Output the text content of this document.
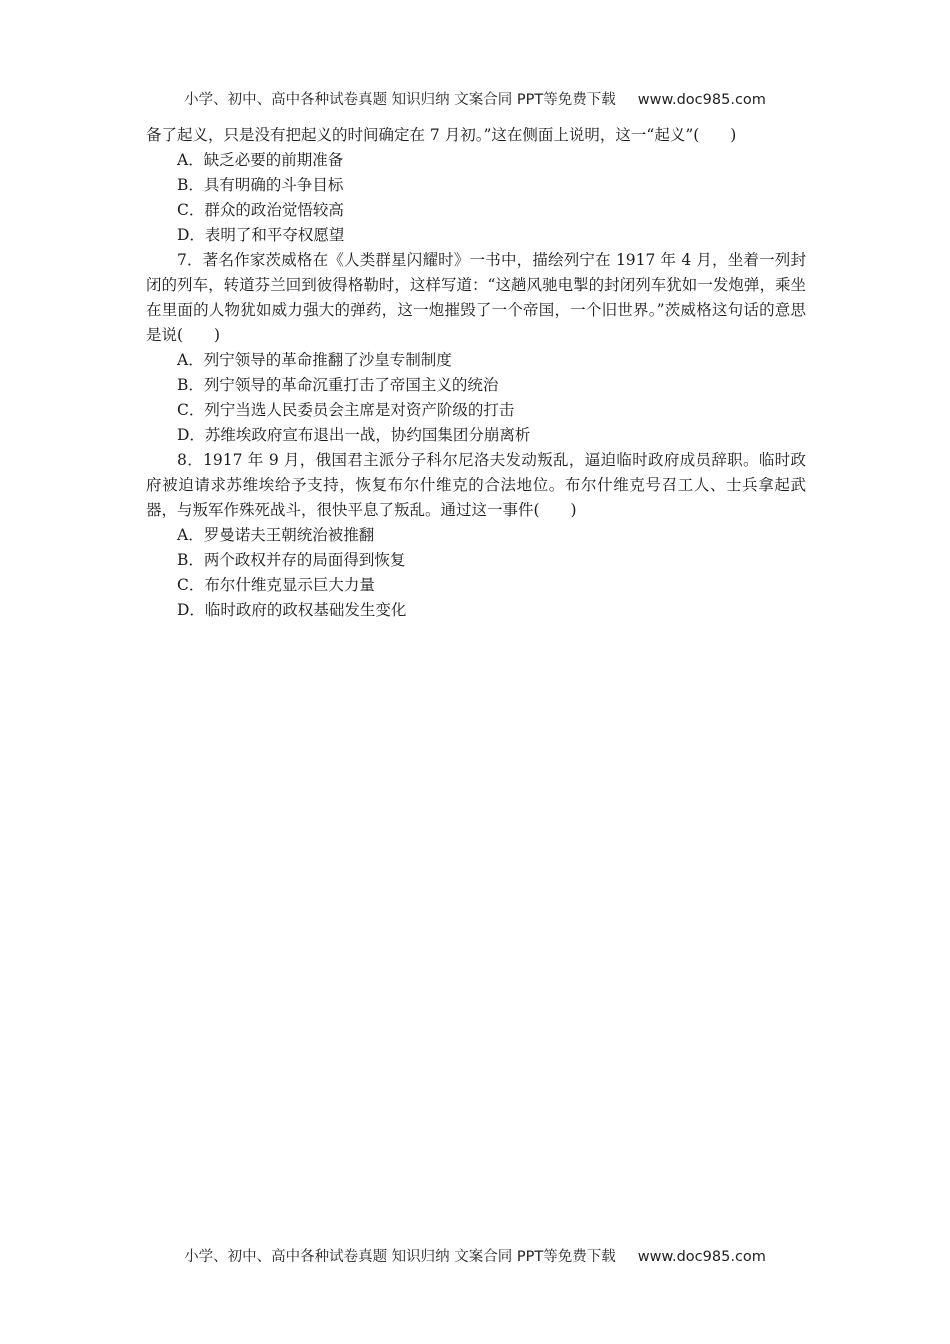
小学、初中、高中各种试卷真题 知识归纳 文案合同 PPT等免费下载 www.doc985.com

备了起义，只是没有把起义的时间确定在 7 月初。”这在侧面上说明，这一“起义”(　　)

A．缺乏必要的前期准备

B．具有明确的斗争目标

C．群众的政治觉悟较高

D．表明了和平夺权愿望

7．著名作家茨威格在《人类群星闪耀时》一书中，描绘列宁在 1917 年 4 月，坐着一列封闭的列车，转道芬兰回到彼得格勒时，这样写道：“这趟风驰电掣的封闭列车犹如一发炮弹，乘坐在里面的人物犹如威力强大的弹药，这一炮摧毁了一个帝国，一个旧世界。”茨威格这句话的意思是说(　　)

A．列宁领导的革命推翻了沙皇专制制度

B．列宁领导的革命沉重打击了帝国主义的统治

C．列宁当选人民委员会主席是对资产阶级的打击

D．苏维埃政府宣布退出一战，协约国集团分崩离析

8．1917 年 9 月，俄国君主派分子科尔尼洛夫发动叛乱，逼迫临时政府成员辞职。临时政府被迫请求苏维埃给予支持，恢复布尔什维克的合法地位。布尔什维克号召工人、士兵拿起武器，与叛军作殊死战斗，很快平息了叛乱。通过这一事件(　　)

A．罗曼诺夫王朝统治被推翻

B．两个政权并存的局面得到恢复

C．布尔什维克显示巨大力量

D．临时政府的政权基础发生变化

小学、初中、高中各种试卷真题 知识归纳 文案合同 PPT等免费下载 www.doc985.com
